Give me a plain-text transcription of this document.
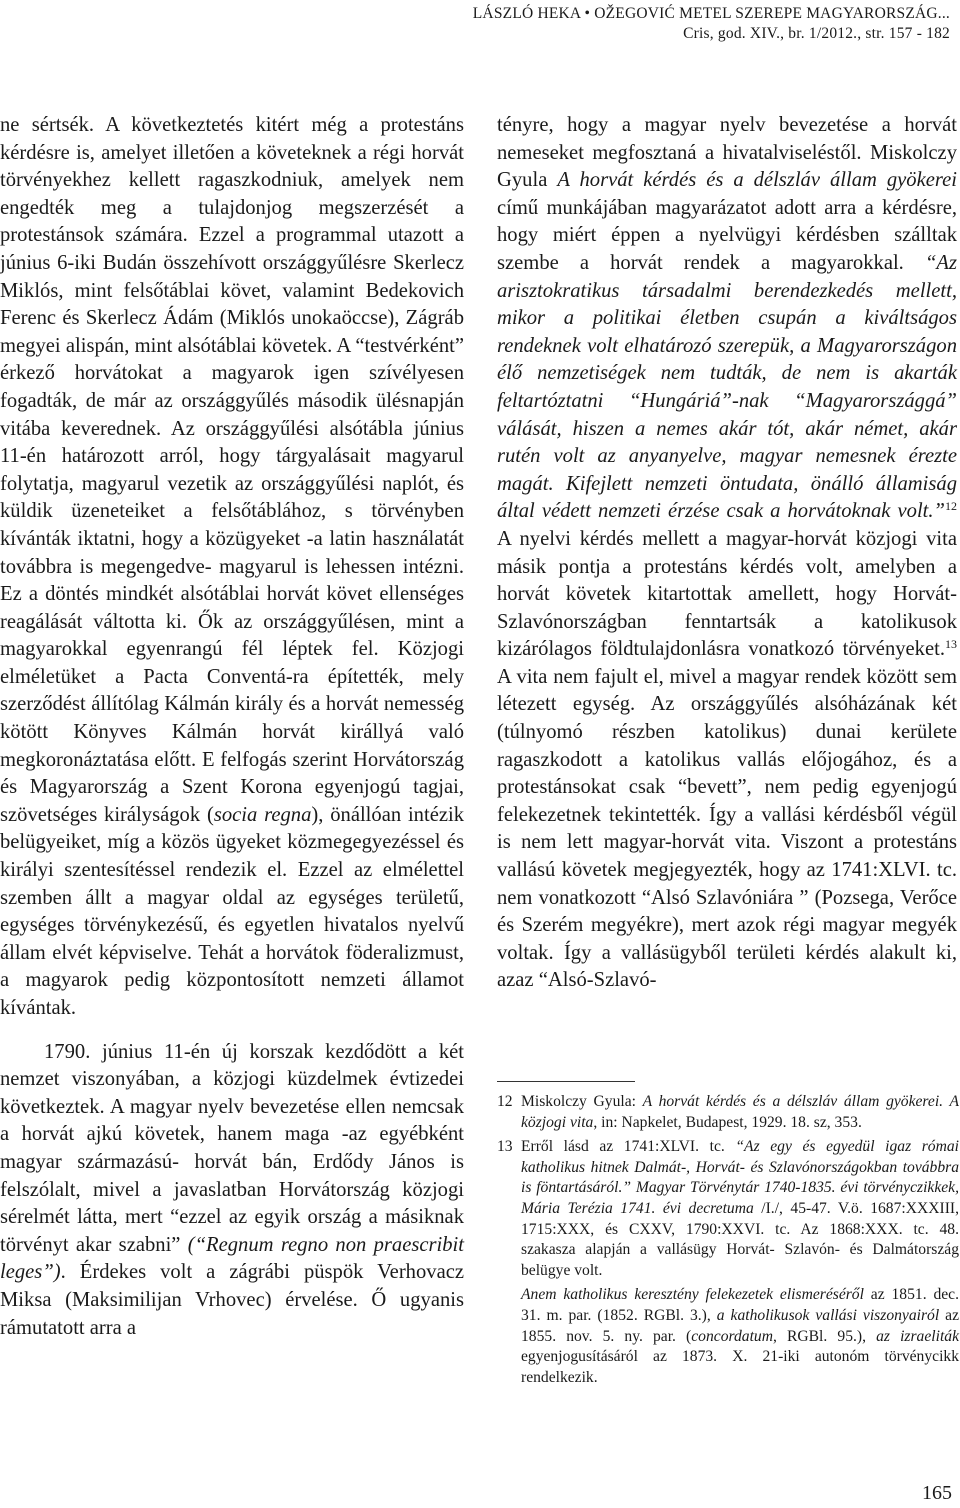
LÁSZLÓ HEKA • OŽEGOVIĆ METEL SZEREPE MAGYARORSZÁG...
Cris, god. XIV., br. 1/2012., str. 157 - 182

ne sértsék. A következtetés kitért még a protestáns kérdésre is, amelyet illetően a követeknek a régi horvát törvényekhez kellett ragaszkodniuk, amelyek nem engedték meg a tulajdonjog megszerzését a protestánsok számára. Ezzel a programmal utazott a június 6-iki Budán összehívott országgyűlésre Skerlecz Miklós, mint felsőtáblai követ, valamint Bedekovich Ferenc és Skerlecz Ádám (Miklós unokaöccse), Zágráb megyei alispán, mint alsótáblai követek. A “testvérként” érkező horvátokat a magyarok igen szívélyesen fogadták, de már az országgyűlés második ülésnapján vitába keverednek. Az országgyűlési alsótábla június 11-én határozott arról, hogy tárgyalásait magyarul folytatja, magyarul vezetik az országgyűlési naplót, és küldik üzeneteiket a felsőtáblához, s törvényben kívánták iktatni, hogy a közügyeket -a latin használatát továbbra is megengedve- magyarul is lehessen intézni. Ez a döntés mindkét alsótáblai horvát követ ellenséges reagálását váltotta ki. Ők az országgyűlésen, mint a magyarokkal egyenrangú fél léptek fel. Közjogi elméletüket a Pacta Conventá-ra építették, mely szerződést állítólag Kálmán király és a horvát nemesség kötött Könyves Kálmán horvát királlyá való megkoronáztatása előtt. E felfogás szerint Horvátország és Magyarország a Szent Korona egyenjogú tagjai, szövetséges királyságok (socia regna), önállóan intézik belügyeiket, míg a közös ügyeket közmegegyezéssel és királyi szentesítéssel rendezik el. Ezzel az elmélettel szemben állt a magyar oldal az egységes területű, egységes törvénykezésű, és egyetlen hivatalos nyelvű állam elvét képviselve. Tehát a horvátok föderalizmust, a magyarok pedig központosított nemzeti államot kívántak.

1790. június 11-én új korszak kezdődött a két nemzet viszonyában, a közjogi küzdelmek évtizedei következtek. A magyar nyelv bevezetése ellen nemcsak a horvát ajkú követek, hanem maga -az egyébként magyar származású- horvát bán, Erdődy János is felszólalt, mivel a javaslatban Horvátország közjogi sérelmét látta, mert “ezzel az egyik ország a másiknak törvényt akar szabni” (“Regnum regno non praescribit leges”). Érdekes volt a zágrábi püspök Verhovacz Miksa (Maksimilijan Vrhovec) érvelése. Ő ugyanis rámutatott arra a

tényre, hogy a magyar nyelv bevezetése a horvát nemeseket megfosztaná a hivatalviseléstől. Miskolczy Gyula A horvát kérdés és a délszláv állam gyökerei című munkájában magyarázatot adott arra a kérdésre, hogy miért éppen a nyelvügyi kérdésben szálltak szembe a horvát rendek a magyarokkal. “Az arisztokratikus társadalmi berendezkedés mellett, mikor a politikai életben csupán a kiváltságos rendeknek volt elhatározó szerepük, a Magyarországon élő nemzetiségek nem tudták, de nem is akarták feltartóztatni “Hungáriá”-nak “Magyarországgá” válását, hiszen a nemes akár tót, akár német, akár rutén volt az anyanyelve, magyar nemesnek érezte magát. Kifejlett nemzeti öntudata, önálló államiság által védett nemzeti érzése csak a horvátoknak volt.”$^{12}$ A nyelvi kérdés mellett a magyar-horvát közjogi vita másik pontja a protestáns kérdés volt, amelyben a horvát követek kitartottak amellett, hogy Horvát-Szlavónországban fenntartsák a katolikusok kizárólagos földtulajdonlásra vonatkozó törvényeket.$^{13}$ A vita nem fajult el, mivel a magyar rendek között sem létezett egység. Az országgyűlés alsóházának két (túlnyomó részben katolikus) dunai kerülete ragaszkodott a katolikus vallás előjogához, és a protestánsokat csak “bevett”, nem pedig egyenjogú felekezetnek tekintették. Így a vallási kérdésből végül is nem lett magyar-horvát vita. Viszont a protestáns vallású követek megjegyezték, hogy az 1741:XLVI. tc. nem vonatkozott “Alsó Szlavóniára ” (Pozsega, Verőce és Szerém megyékre), mert azok régi magyar megyék voltak. Így a vallásügyből területi kérdés alakult ki, azaz “Alsó-Szlavó-

12 Miskolczy Gyula: A horvát kérdés és a délszláv állam gyökerei. A közjogi vita, in: Napkelet, Budapest, 1929. 18. sz, 353.
13 Erről lásd az 1741:XLVI. tc. “Az egy és egyedül igaz római katholikus hitnek Dalmát-, Horvát- és Szlavónországokban továbbra is föntartásáról.” Magyar Törvénytár 1740-1835. évi törvényczikkek, Mária Terézia 1741. évi decretuma /I./, 45-47. V.ö. 1687:XXXIII, 1715:XXX, és CXXV, 1790:XXVI. tc. Az 1868:XXX. tc. 48. szakasza alapján a vallásügy Horvát- Szlavón- és Dalmátország belügye volt.
Anem katholikus keresztény felekezetek elismeréséről az 1851. dec. 31. m. par. (1852. RGBl. 3.), a katholikusok vallási viszonyairól az 1855. nov. 5. ny. par. (concordatum, RGBl. 95.), az izraeliták egyenjogusításáról az 1873. X. 21-iki autonóm törvénycikk rendelkezik.
165
